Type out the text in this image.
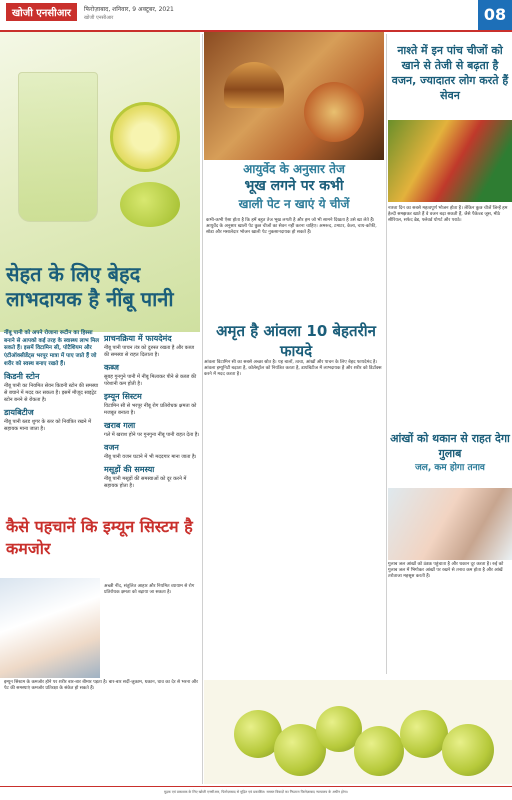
खोजी एनसीआर	फिरोज़ाबाद, शनिवार, 9 अक्टूबर, 2021
खोजी एनसीआर	08
सेहत के लिए बेहद लाभदायक है नींबू पानी

नींबू पानी को अपने रोजाना रूटीन का हिस्सा बनाने से आपको कई तरह के स्वास्थ्य लाभ मिल सकते हैं। इसमें विटामिन सी, पोटैशियम और एंटीऑक्सीडेंट्स भरपूर मात्रा में पाए जाते हैं जो शरीर को स्वस्थ बनाए रखते हैं।

किडनी स्टोन

नींबू पानी का नियमित सेवन किडनी स्टोन की समस्या से बचाने में मदद कर सकता है। इसमें मौजूद साइट्रेट स्टोन बनने से रोकता है।

डायबिटीज

नींबू पानी ब्लड शुगर के स्तर को नियंत्रित रखने में सहायक माना जाता है।

प्राचनक्रिया में फायदेमंद

नींबू पानी पाचन तंत्र को दुरुस्त रखता है और कब्ज की समस्या से राहत दिलाता है।

कब्ज

सुबह गुनगुने पानी में नींबू मिलाकर पीने से कब्ज की परेशानी कम होती है।

इम्यून सिस्टम

विटामिन सी से भरपूर नींबू रोग प्रतिरोधक क्षमता को मजबूत बनाता है।

खराब गला

गले में खराश होने पर गुनगुना नींबू पानी राहत देता है।

वजन

नींबू पानी वजन घटाने में भी मददगार माना जाता है।

मसूड़ों की समस्या

नींबू पानी मसूड़ों की समस्याओं को दूर करने में सहायक होता है।

आयुर्वेद के अनुसार तेज
भूख लगने पर कभी
खाली पेट न खाएं ये चीजें
कभी-कभी ऐसा होता है कि हमें बहुत तेज भूख लगती है और हम जो भी सामने दिखता है उसे खा लेते हैं। आयुर्वेद के अनुसार खाली पेट कुछ चीजों का सेवन नहीं करना चाहिए। अमरूद, टमाटर, केला, चाय-कॉफी, सोडा और मसालेदार भोजन खाली पेट नुकसानदायक हो सकते हैं।
नाश्ते में इन पांच चीजों को खाने से तेजी से बढ़ता है वजन, ज्यादातर लोग करते हैं सेवन
नाश्ता दिन का सबसे महत्वपूर्ण भोजन होता है। लेकिन कुछ चीजें जिन्हें हम हेल्दी समझकर खाते हैं वे वजन बढ़ा सकती हैं, जैसे पैकेज्ड जूस, मीठे सीरियल, सफेद ब्रेड, फ्लेवर्ड योगर्ट और पराठे।
अमृत है आंवला 10 बेहतरीन फायदे
आंवला विटामिन सी का सबसे अच्छा स्रोत है। यह बालों, त्वचा, आंखों और पाचन के लिए बेहद फायदेमंद है। आंवला इम्यूनिटी बढ़ाता है, कोलेस्ट्रॉल को नियंत्रित करता है, डायबिटीज में लाभदायक है और शरीर को डिटॉक्स करने में मदद करता है।
आंखों को थकान से राहत देगा गुलाब
जल, कम होगा तनाव
गुलाब जल आंखों को ठंडक पहुंचाता है और थकान दूर करता है। रुई को गुलाब जल में भिगोकर आंखों पर रखने से तनाव कम होता है और आंखें तरोताजा महसूस करती हैं।
कैसे पहचानें कि इम्यून सिस्टम है कमजोर
अच्छी नींद, संतुलित आहार और नियमित व्यायाम से रोग प्रतिरोधक क्षमता को बढ़ाया जा सकता है।
इम्यून सिस्टम के कमजोर होने पर शरीर बार-बार बीमार पड़ता है। बार-बार सर्दी-जुकाम, थकान, घाव का देर से भरना और पेट की समस्याएं कमजोर प्रतिरक्षा के संकेत हो सकते हैं।
मुद्रक एवं प्रकाशक के लिए खोजी एनसीआर, फिरोज़ाबाद से मुद्रित एवं प्रकाशित। समस्त विवादों का निपटारा फिरोज़ाबाद न्यायालय के अधीन होगा।
